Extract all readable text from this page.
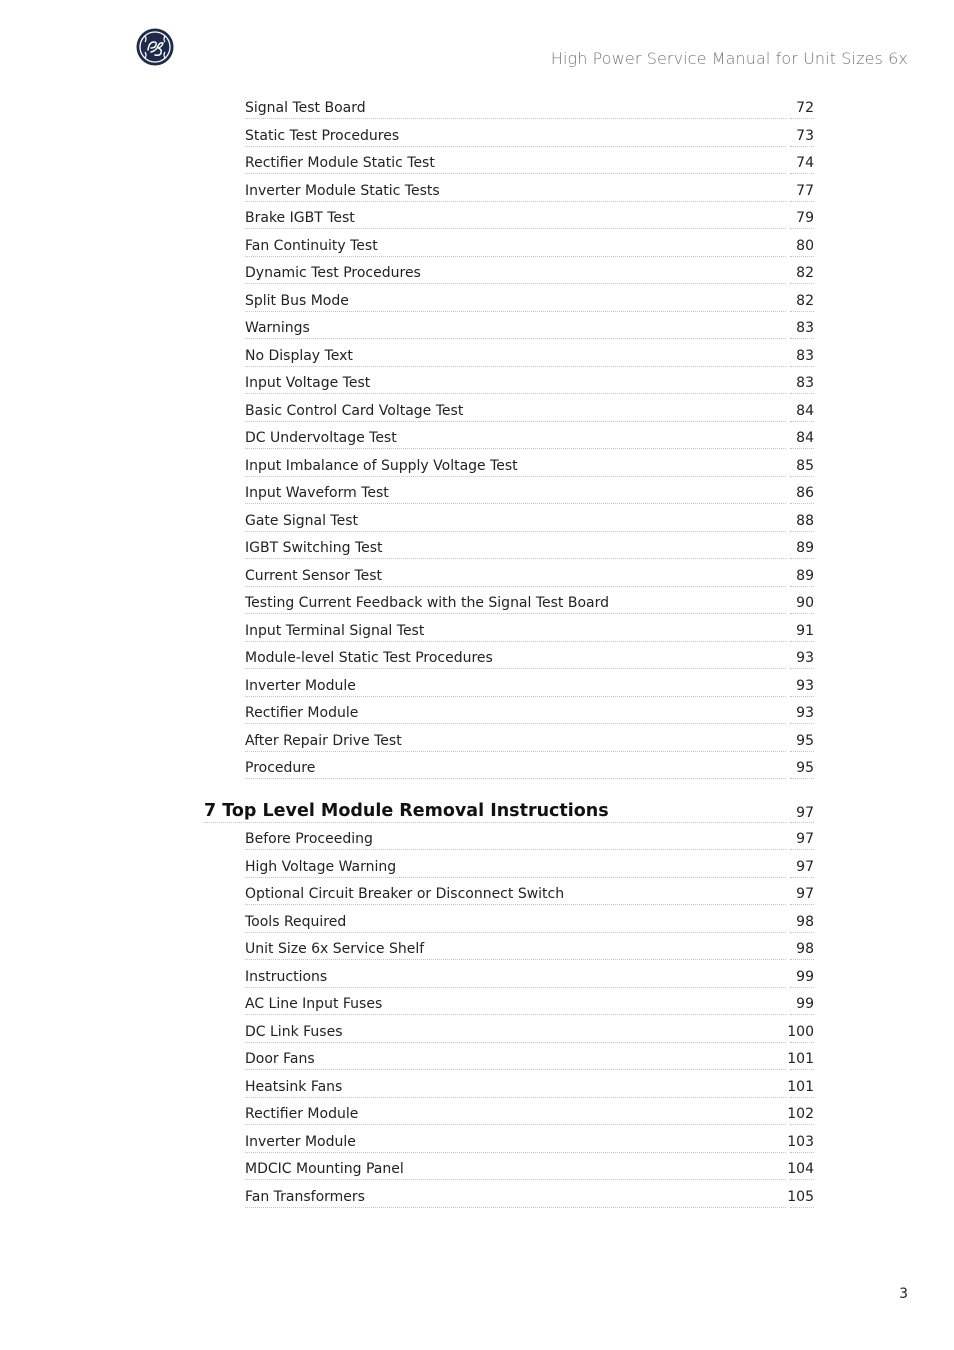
High Power Service Manual for Unit Sizes 6x
Signal Test Board	72
Static Test Procedures	73
Rectifier Module Static Test	74
Inverter Module Static Tests	77
Brake IGBT Test	79
Fan Continuity Test	80
Dynamic Test Procedures	82
Split Bus Mode	82
Warnings	83
No Display Text	83
Input Voltage Test	83
Basic Control Card Voltage Test	84
DC Undervoltage Test	84
Input Imbalance of Supply Voltage Test	85
Input Waveform Test	86
Gate Signal Test	88
IGBT Switching Test	89
Current Sensor Test	89
Testing Current Feedback with the Signal Test Board	90
Input Terminal Signal Test	91
Module-level Static Test Procedures	93
Inverter Module	93
Rectifier Module	93
After Repair Drive Test	95
Procedure	95
7 Top Level Module Removal Instructions	97
Before Proceeding	97
High Voltage Warning	97
Optional Circuit Breaker or Disconnect Switch	97
Tools Required	98
Unit Size 6x Service Shelf	98
Instructions	99
AC Line Input Fuses	99
DC Link Fuses	100
Door Fans	101
Heatsink Fans	101
Rectifier Module	102
Inverter Module	103
MDCIC Mounting Panel	104
Fan Transformers	105
3
